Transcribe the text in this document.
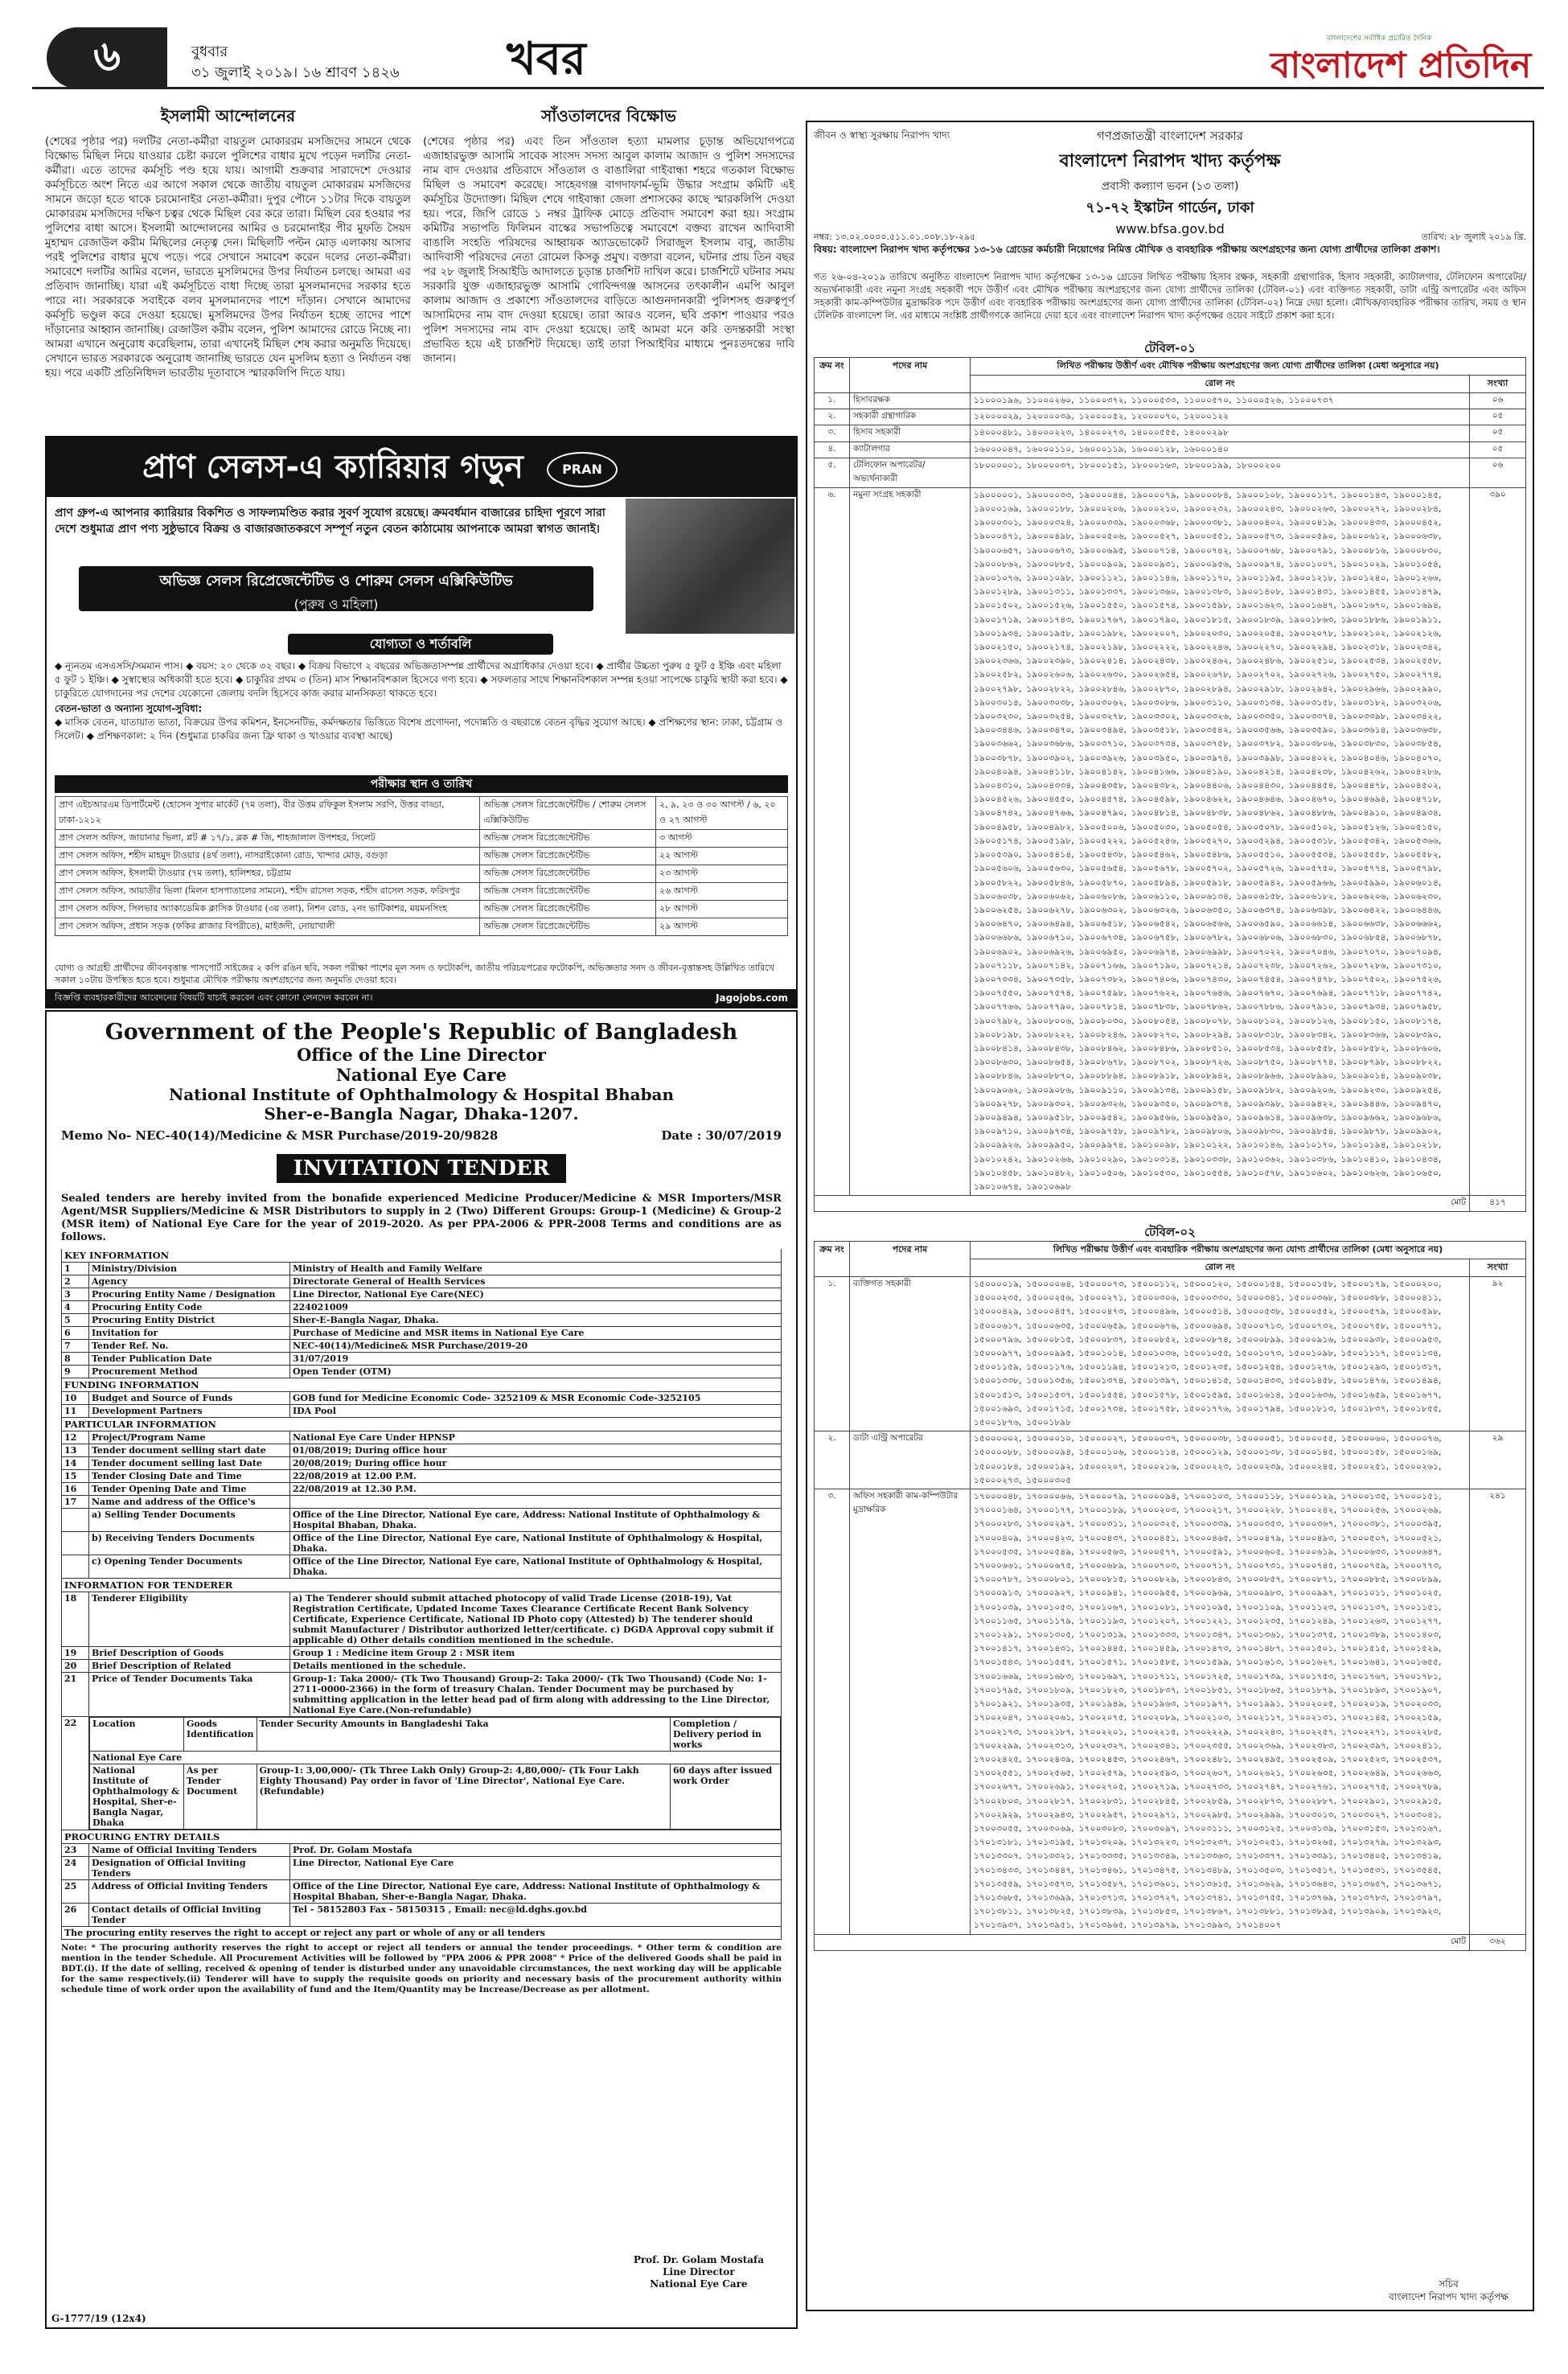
৬	বুধবার
৩১ জুলাই ২০১৯। ১৬ শ্রাবণ ১৪২৬ খবর	বাংলাদেশের সর্বাধিক প্রচারিত দৈনিক
বাংলাদেশ প্রতিদিন
ইসলামী আন্দোলনের

(শেষের পৃষ্ঠার পর) দলটির নেতা-কর্মীরা বায়তুল মোকাররম মসজিদের সামনে থেকে বিক্ষোভ মিছিল নিয়ে যাওয়ার চেষ্টা করলে পুলিশের বাধার মুখে পড়েন দলটির নেতা-কর্মীরা। এতে তাদের কর্মসূচি পণ্ড হয়ে যায়। আগামী শুক্রবার সারাদেশে দেওয়ার কর্মসূচিতে অংশ নিতে এর আগে সকাল থেকে জাতীয় বায়তুল মোকাররম মসজিদের সামনে জড়ো হতে থাকে চরমোনাইর নেতা-কর্মীরা। দুপুর পৌনে ১১টার দিকে বায়তুল মোকাররম মসজিদের দক্ষিণ চত্বর থেকে মিছিল বের করে তারা। মিছিল বের হওয়ার পর পুলিশের বাধা আসে। ইসলামী আন্দোলনের আমির ও চরমোনাইর পীর মুফতি সৈয়দ মুহাম্মদ রেজাউল করীম মিছিলের নেতৃত্ব দেন। মিছিলটি পল্টন মোড় এলাকায় আসার পরই পুলিশের বাধার মুখে পড়ে। পরে সেখানে সমাবেশ করেন দলের নেতা-কর্মীরা। সমাবেশে দলটির আমির বলেন, ভারতে মুসলিমদের উপর নির্যাতন চলছে। আমরা এর প্রতিবাদ জানাচ্ছি। যারা এই কর্মসূচিতে বাধা দিচ্ছে তারা মুসলমানদের সরকার হতে পারে না। সরকারকে সবাইকে বলব মুসলমানদের পাশে দাঁড়ান। সেখানে আমাদের কর্মসূচি ভণ্ডুল করে দেওয়া হয়েছে। মুসলিমদের উপর নির্যাতন হচ্ছে তাদের পাশে দাঁড়ানোর আহ্বান জানাচ্ছি। রেজাউল করীম বলেন, পুলিশ আমাদের রোডে নিচ্ছে না। আমরা এখানে অনুরোধ করেছিলাম, তারা এখানেই মিছিল শেষ করার অনুমতি দিয়েছে। সেখানে ভারত সরকারকে অনুরোধ জানাচ্ছি ভারতে যেন মুসলিম হত্যা ও নির্যাতন বন্ধ হয়। পরে একটি প্রতিনিধিদল ভারতীয় দূতাবাসে স্মারকলিপি দিতে যায়।

সাঁওতালদের বিক্ষোভ

(শেষের পৃষ্ঠার পর) এবং তিন সাঁওতাল হত্যা মামলার চূড়ান্ত অভিযোগপত্রে এজাহারভুক্ত আসামি সাবেক সাংসদ সদস্য আবুল কালাম আজাদ ও পুলিশ সদস্যদের নাম বাদ দেওয়ার প্রতিবাদে সাঁওতাল ও বাঙালিরা গাইবান্ধা শহরে গতকাল বিক্ষোভ মিছিল ও সমাবেশ করেছে। সাহেবগঞ্জ বাগদাফার্ম-ভূমি উদ্ধার সংগ্রাম কমিটি এই কর্মসূচির উদ্যোক্তা। মিছিল শেষে গাইবান্ধা জেলা প্রশাসকের কাছে স্মারকলিপি দেওয়া হয়। পরে, জিপি রোডে ১ নম্বর ট্রাফিক মোড়ে প্রতিবাদ সমাবেশ করা হয়। সংগ্রাম কমিটির সভাপতি ফিলিমন বাস্কের সভাপতিত্বে সমাবেশে বক্তব্য রাখেন আদিবাসী বাঙালি সংহতি পরিষদের আহ্বায়ক অ্যাডভোকেট সিরাজুল ইসলাম বাবু, জাতীয় আদিবাসী পরিষদের নেতা রোমেল কিসকু প্রমুখ। বক্তারা বলেন, ঘটনার প্রায় তিন বছর পর ২৮ জুলাই সিআইডি আদালতে চূড়ান্ত চার্জশিট দাখিল করে। চার্জশিটে ঘটনার সময় সরকারি যুক্ত এজাহারভুক্ত আসামি গোবিন্দগঞ্জ আসনের তৎকালীন এমপি আবুল কালাম আজাদ ও প্রকাশ্যে সাঁওতালদের বাড়িতে আগুনদানকারী পুলিশসহ গুরুত্বপূর্ণ আসামিদের নাম বাদ দেওয়া হয়েছে। তারা আরও বলেন, ছবি প্রকাশ পাওয়ার পরও পুলিশ সদস্যদের নাম বাদ দেওয়া হয়েছে। তাই আমরা মনে করি তদন্তকারী সংস্থা প্রভাবিত হয়ে এই চার্জশিট দিয়েছে। তাই তারা পিআইবির মাধ্যমে পুনঃতদন্তের দাবি জানান।

প্রাণ সেলস-এ ক্যারিয়ার গড়ুন	PRAN
প্রাণ গ্রুপ-এ আপনার ক্যারিয়ার বিকশিত ও সাফল্যমণ্ডিত করার সুবর্ণ সুযোগ রয়েছে। ক্রমবর্ধমান বাজারের চাহিদা পূরণে সারা দেশে শুধুমাত্র প্রাণ পণ্য সুষ্ঠুভাবে বিক্রয় ও বাজারজাতকরণে সম্পূর্ণ নতুন বেতন কাঠামোয় আপনাকে আমরা স্বাগত জানাই।
অভিজ্ঞ সেলস রিপ্রেজেন্টেটিভ ও শোরুম সেলস এক্সিকিউটিভ
(পুরুষ ও মহিলা)
যোগ্যতা ও শর্তাবলি
◆ ন্যূনতম এসএসসি/সমমান পাস। ◆ বয়স: ২০ থেকে ৩২ বছর। ◆ বিক্রয় বিভাগে ২ বছরের অভিজ্ঞতাসম্পন্ন প্রার্থীদের অগ্রাধিকার দেওয়া হবে। ◆ প্রার্থীর উচ্চতা পুরুষ ৫ ফুট ৫ ইঞ্চি এবং মহিলা ৫ ফুট ১ ইঞ্চি। ◆ সুস্বাস্থ্যের অধিকারী হতে হবে। ◆ চাকুরির প্রথম ৩ (তিন) মাস শিক্ষানবিশকাল হিসেবে গণ্য হবে। ◆ সফলতার সাথে শিক্ষানবিশকাল সম্পন্ন হওয়া সাপেক্ষে চাকুরি স্থায়ী করা হবে। ◆ চাকুরিতে যোগদানের পর দেশের যেকোনো জেলায় বদলি হিসেবে কাজ করার মানসিকতা থাকতে হবে।
বেতন-ভাতা ও অন্যান্য সুযোগ-সুবিধা:
◆ মাসিক বেতন, যাতায়াত ভাতা, বিক্রয়ের উপর কমিশন, ইনসেনটিভ, কর্মদক্ষতার ভিত্তিতে বিশেষ প্রণোদনা, পদোন্নতি ও বছরান্তে বেতন বৃদ্ধির সুযোগ আছে। ◆ প্রশিক্ষণের স্থান: ঢাকা, চট্টগ্রাম ও সিলেট। ◆ প্রশিক্ষণকাল: ২ দিন (শুধুমাত্র চাকরির জন্য ফ্রি থাকা ও খাওয়ার ব্যবস্থা আছে)
পরীক্ষার স্থান ও তারিখ
প্রাণ এইচআরএম ডিপার্টমেন্ট (হোসেন সুপার মার্কেট (৭ম তলা), বীর উত্তম রফিকুল ইসলাম সরণি, উত্তর বাড্ডা, ঢাকা-১২১২	অভিজ্ঞ সেলস রিপ্রেজেন্টেটিভ / শোরুম সেলস এক্সিকিউটিভ	২, ৯, ২৩ ও ৩০ আগস্ট / ৬, ২০ ও ২৭ আগস্ট
প্রাণ সেলস অফিস, জায়ানার ভিলা, প্লট # ১৭/১, ব্লক # জি, শাহজালাল উপশহর, সিলেট	অভিজ্ঞ সেলস রিপ্রেজেন্টেটিভ	৩ আগস্ট
প্রাণ সেলস অফিস, শহীদ মাহমুদ টাওয়ার (৪র্থ তলা), নাসরাইকোনা রোড, খান্দার মোড়, বগুড়া	অভিজ্ঞ সেলস রিপ্রেজেন্টেটিভ	২২ আগস্ট
প্রাণ সেলস অফিস, ইসলামী টাওয়ার (৭ম তলা), হালিশহর, চট্টগ্রাম	অভিজ্ঞ সেলস রিপ্রেজেন্টেটিভ	২৩ আগস্ট
প্রাণ সেলস অফিস, আয়াতীর ভিলা (মিলন হাসপাতালের সামনে), শহীদ রাসেল সড়ক, শহীদ রাসেল সড়ক, ফরিদপুর	অভিজ্ঞ সেলস রিপ্রেজেন্টেটিভ	২৬ আগস্ট
প্রাণ সেলস অফিস, সিলভার অ্যাকাডেমিক ক্লাসিক টাওয়ার (৩য় তলা), নিশন রোড, ২নং ভাটিকাশর, ময়মনসিংহ	অভিজ্ঞ সেলস রিপ্রেজেন্টেটিভ	২৮ আগস্ট
প্রাণ সেলস অফিস, প্রধান সড়ক (ফকির প্লাজার বিপরীতে), মাইজদী, নোয়াখালী	অভিজ্ঞ সেলস রিপ্রেজেন্টেটিভ	২৯ আগস্ট
যোগ্য ও আগ্রহী প্রার্থীদের জীবনবৃত্তান্ত পাসপোর্ট সাইজের ২ কপি রঙিন ছবি, সকল পরীক্ষা পাশের মূল সনদ ও ফটোকপি, জাতীয় পরিচয়পত্রের ফটোকপি, অভিজ্ঞতার সনদ ও জীবন-বৃত্তান্তসহ উল্লিখিত তারিখে সকাল ১০টায় উপস্থিত হতে হবে। শুধুমাত্র মৌখিক পরীক্ষায় অংশগ্রহণের জন্য অনুমতি দেওয়া হবে।
বিজ্ঞপ্তি ব্যবহারকারীদের আবেদনের বিষয়টি যাচাই করবেন এবং কোনো লেনদেন করবেন না।	Jagojobs.com
Government of the People's Republic of Bangladesh
Office of the Line Director
National Eye Care
National Institute of Ophthalmology & Hospital Bhaban
Sher-e-Bangla Nagar, Dhaka-1207.
Memo No- NEC-40(14)/Medicine & MSR Purchase/2019-20/9828	Date : 30/07/2019
INVITATION TENDER
Sealed tenders are hereby invited from the bonafide experienced Medicine Producer/Medicine & MSR Importers/MSR Agent/MSR Suppliers/Medicine & MSR Distributors to supply in 2 (Two) Different Groups: Group-1 (Medicine) & Group-2 (MSR item) of National Eye Care for the year of 2019-2020. As per PPA-2006 & PPR-2008 Terms and conditions are as follows.
KEY INFORMATION
1	Ministry/Division	Ministry of Health and Family Welfare
2	Agency	Directorate General of Health Services
3	Procuring Entity Name / Designation	Line Director, National Eye Care(NEC)
4	Procuring Entity Code	224021009
5	Procuring Entity District	Sher-E-Bangla Nagar, Dhaka.
6	Invitation for	Purchase of Medicine and MSR items in National Eye Care
7	Tender Ref. No.	NEC-40(14)/Medicine& MSR Purchase/2019-20
8	Tender Publication Date	31/07/2019
9	Procurement Method	Open Tender (OTM)
FUNDING INFORMATION
10	Budget and Source of Funds	GOB fund for Medicine Economic Code- 3252109 & MSR Economic Code-3252105
11	Development Partners	IDA Pool
PARTICULAR INFORMATION
12	Project/Program Name	National Eye Care Under HPNSP
13	Tender document selling start date	01/08/2019; During office hour
14	Tender document selling last Date	20/08/2019; During office hour
15	Tender Closing Date and Time	22/08/2019 at 12.00 P.M.
16	Tender Opening Date and Time	22/08/2019 at 12.30 P.M.
17	Name and address of the Office's	
	a) Selling Tender Documents	Office of the Line Director, National Eye care, Address: National Institute of Ophthalmology & Hospital Bhaban, Dhaka.
	b) Receiving Tenders Documents	Office of the Line Director, National Eye care, National Institute of Ophthalmology & Hospital, Dhaka.
	c) Opening Tender Documents	Office of the Line Director, National Eye care, National Institute of Ophthalmology & Hospital, Dhaka.
INFORMATION FOR TENDERER
18	Tenderer Eligibility	a) The Tenderer should submit attached photocopy of valid Trade License (2018-19), Vat Registration Certificate, Updated Income Taxes Clearance Certificate Recent Bank Solvency Certificate, Experience Certificate, National ID Photo copy (Attested) b) The tenderer should submit Manufacturer / Distributor authorized letter/certificate. c) DGDA Approval copy submit if applicable d) Other details condition mentioned in the schedule.
19	Brief Description of Goods	Group 1 : Medicine item Group 2 : MSR item
20	Brief Description of Related	Details mentioned in the schedule.
21	Price of Tender Documents Taka	Group-1: Taka 2000/- (Tk Two Thousand) Group-2: Taka 2000/- (Tk Two Thousand) (Code No: 1-2711-0000-2366) in the form of treasury Chalan. Tender Document may be purchased by submitting application in the letter head pad of firm along with addressing to the Line Director, National Eye Care.(Non-refundable)
22	Location	Goods Identification	Tender Security Amounts in Bangladeshi Taka	Completion / Delivery period in works
National Eye Care
National Institute of Ophthalmology & Hospital, Sher-e-Bangla Nagar, Dhaka	As per Tender Document	Group-1: 3,00,000/- (Tk Three Lakh Only) Group-2: 4,80,000/- (Tk Four Lakh Eighty Thousand) Pay order in favor of 'Line Director', National Eye Care. (Refundable)	60 days after issued work Order

PROCURING ENTRY DETAILS
23	Name of Official Inviting Tenders	Prof. Dr. Golam Mostafa
24	Designation of Official Inviting Tenders	Line Director, National Eye Care
25	Address of Official Inviting Tenders	Office of the Line Director, National Eye care, Address: National Institute of Ophthalmology & Hospital Bhaban, Sher-e-Bangla Nagar, Dhaka.
26	Contact details of Official Inviting Tender	Tel - 58152803 Fax - 58150315 , Email: nec@ld.dghs.gov.bd
The procuring entity reserves the right to accept or reject any part or whole of any or all tenders
Note: * The procuring authority reserves the right to accept or reject all tenders or annual the tender proceedings. * Other term & condition are mention in the tender Schedule. All Procurement Activities will be followed by "PPA 2006 & PPR 2008" * Price of the delivered Goods shall be paid in BDT.(i). If the date of selling, received & opening of tender is disturbed under any unavoidable circumstances, the next working day will be applicable for the same respectively.(ii) Tenderer will have to supply the requisite goods on priority and necessary basis of the procurement authority within schedule time of work order upon the availability of fund and the Item/Quantity may be Increase/Decrease as per allotment.
Prof. Dr. Golam Mostafa
Line Director
National Eye Care
G-1777/19 (12x4)
জীবন ও স্বাস্থ্য সুরক্ষায় নিরাপদ খাদ্য	গণপ্রজাতন্ত্রী বাংলাদেশ সরকার
বাংলাদেশ নিরাপদ খাদ্য কর্তৃপক্ষ
প্রবাসী কল্যাণ ভবন (১৩ তলা)
৭১-৭২ ইস্কাটন গার্ডেন, ঢাকা
www.bfsa.gov.bd
নম্বর: ১৩.০২.০০০০.৫১১.০১.০০৮.১৮-২৯৫	তারিখ: ২৮ জুলাই ২০১৯ খ্রি.
বিষয়: বাংলাদেশ নিরাপদ খাদ্য কর্তৃপক্ষের ১৩-১৬ গ্রেডের কর্মচারী নিয়োগের নিমিত্ত মৌখিক ও ব্যবহারিক পরীক্ষায় অংশগ্রহণের জন্য যোগ্য প্রার্থীদের তালিকা প্রকাশ।
গত ২৬-০৪-২০১৯ তারিখে অনুষ্ঠিত বাংলাদেশ নিরাপদ খাদ্য কর্তৃপক্ষের ১৩-১৬ গ্রেডের লিখিত পরীক্ষায় হিসাব রক্ষক, সহকারী গ্রন্থাগারিক, হিসাব সহকারী, ক্যাটালগার, টেলিফোন অপারেটর/অভ্যর্থনাকারী এবং নমুনা সংগ্রহ সহকারী পদে উত্তীর্ণ এবং মৌখিক পরীক্ষায় অংশগ্রহণের জন্য যোগ্য প্রার্থীদের তালিকা (টেবিল-০১) এবং ব্যক্তিগত সহকারী, ডাটা এন্ট্রি অপারেটর এবং অফিস সহকারী কাম-কম্পিউটার মুদ্রাক্ষরিক পদে উত্তীর্ণ এবং ব্যবহারিক পরীক্ষায় অংশগ্রহণের জন্য যোগ্য প্রার্থীদের তালিকা (টেবিল-০২) নিম্নে দেয়া হলো। মৌখিক/ব্যবহারিক পরীক্ষার তারিখ, সময় ও স্থান টেলিটক বাংলাদেশ লি. এর মাধ্যমে সংশ্লিষ্ট প্রার্থীগণকে জানিয়ে দেয়া হবে এবং বাংলাদেশ নিরাপদ খাদ্য কর্তৃপক্ষের ওয়েব সাইটে প্রকাশ করা হবে।
টেবিল-০১
ক্রম নং	পদের নাম	লিখিত পরীক্ষায় উত্তীর্ণ এবং মৌখিক পরীক্ষায় অংশগ্রহণের জন্য যোগ্য প্রার্থীদের তালিকা (মেধা অনুসারে নয়)	
		রোল নং	সংখ্যা
১.	হিসাবরক্ষক	১১০০০১৯৬, ১১০০০২৬০, ১১০০০৩৭২, ১১০০০৫৩৩, ১১০০০৫৭০, ১১০০০৫২৬, ১১০০০৭৩৭	০৬
২.	সহকারী গ্রন্থাগারিক	১২০০০০২৯, ১২০০০০৩৯, ১২০০০০৫২, ১২০০০০৭০, ১২০০০১২২	০৫
৩.	হিসাব সহকারী	১৪০০০৪৮১, ১৪০০০২২৩, ১৪০০০২৭৩, ১৪০০০৫৫৫, ১৪০০০২৯৮	০৫
৪.	ক্যাটালগার	১৬০০০০৪৭, ১৬০০০১১০, ১৬০০০১১৯, ১৬০০০১২৮, ১৬০০০১৪০	০৫
৫.	টেলিফোন অপারেটর/অভ্যর্থনাকারী	১৮০০০০০১, ১৮০০০০৩৭, ১৮০০০১৫১, ১৮০০০১৬৩, ১৮০০০১৯৯, ১৮০০০২০০	০৬
৬.	নমুনা সংগ্রহ সহকারী	১৯০০০০০১, ১৯০০০০৩৩, ১৯০০০০৪৪, ১৯০০০০৭৯, ১৯০০০০৮৪, ১৯০০০১০৮, ১৯০০০১১৭, ১৯০০০১৪৩, ১৯০০০১৪৫, ১৯০০০১৬৯, ১৯০০০১৮৮, ১৯০০০২০৬, ১৯০০০২১০, ১৯০০০২৩২, ১৯০০০২৪৩, ১৯০০০২৬৩, ১৯০০০২৭২, ১৯০০০২৮৪, ১৯০০০৩০১, ১৯০০০৩২৪, ১৯০০০৩৩৯, ১৯০০০৩৬৮, ১৯০০০৩৮১, ১৯০০০৪০২, ১৯০০০৪১৯, ১৯০০০৪৩৩, ১৯০০০৪৫২, ১৯০০০৪৭১, ১৯০০০৪৯৮, ১৯০০০৫০৬, ১৯০০০৫২৭, ১৯০০০৫৫১, ১৯০০০৫৭৩, ১৯০০০৫৯০, ১৯০০০৬১২, ১৯০০০৬৩৮, ১৯০০০৬৫৭, ১৯০০০৬৭৩, ১৯০০০৬৯৫, ১৯০০০৭১৪, ১৯০০০৭৪২, ১৯০০০৭৬৮, ১৯০০০৭৯১, ১৯০০০৮১৬, ১৯০০০৮৩০, ১৯০০০৮৬২, ১৯০০০৮৮৫, ১৯০০০৯০৯, ১৯০০০৯৩১, ১৯০০০৯৫৬, ১৯০০০৯৭৪, ১৯০০১০০৭, ১৯০০১০২৯, ১৯০০১০৫৪, ১৯০০১০৭৬, ১৯০০১০৯৮, ১৯০০১১২১, ১৯০০১১৪৬, ১৯০০১১৭০, ১৯০০১১৯৫, ১৯০০১২১৮, ১৯০০১২৪০, ১৯০০১২৬৬, ১৯০০১২৮৯, ১৯০০১৩১১, ১৯০০১৩৩৭, ১৯০০১৩৬০, ১৯০০১৩৮৩, ১৯০০১৪০৮, ১৯০০১৪৩১, ১৯০০১৪৫৫, ১৯০০১৪৭৯, ১৯০০১৫০২, ১৯০০১৫২৬, ১৯০০১৫৫০, ১৯০০১৫৭৪, ১৯০০১৫৯৮, ১৯০০১৬২৩, ১৯০০১৬৪৭, ১৯০০১৬৭০, ১৯০০১৬৯৪, ১৯০০১৭১৯, ১৯০০১৭৪৩, ১৯০০১৭৬৭, ১৯০০১৭৯০, ১৯০০১৮১৫, ১৯০০১৮৩৯, ১৯০০১৮৬৩, ১৯০০১৮৮৬, ১৯০০১৯১১, ১৯০০১৯৩৪, ১৯০০১৯৫৮, ১৯০০১৯৮২, ১৯০০২০০৭, ১৯০০২০৩০, ১৯০০২০৫৪, ১৯০০২০৭৮, ১৯০০২১০২, ১৯০০২১২৬, ১৯০০২১৫০, ১৯০০২১৭৪, ১৯০০২১৯৮, ১৯০০২২২২, ১৯০০২২৪৬, ১৯০০২২৭০, ১৯০০২২৯৪, ১৯০০২৩১৮, ১৯০০২৩৪২, ১৯০০২৩৬৬, ১৯০০২৩৯০, ১৯০০২৪১৪, ১৯০০২৪৩৮, ১৯০০২৪৬২, ১৯০০২৪৮৬, ১৯০০২৫১০, ১৯০০২৫৩৪, ১৯০০২৫৫৮, ১৯০০২৫৮২, ১৯০০২৬০৬, ১৯০০২৬৩০, ১৯০০২৬৫৪, ১৯০০২৬৭৮, ১৯০০২৭০২, ১৯০০২৭২৬, ১৯০০২৭৫০, ১৯০০২৭৭৪, ১৯০০২৭৯৮, ১৯০০২৮২২, ১৯০০২৮৪৬, ১৯০০২৮৭০, ১৯০০২৮৯৪, ১৯০০২৯১৮, ১৯০০২৯৪২, ১৯০০২৯৬৬, ১৯০০২৯৯০, ১৯০০৩০১৪, ১৯০০৩০৩৮, ১৯০০৩০৬২, ১৯০০৩০৮৬, ১৯০০৩১১০, ১৯০০৩১৩৪, ১৯০০৩১৫৮, ১৯০০৩১৮২, ১৯০০৩২০৬, ১৯০০৩২৩০, ১৯০০৩২৫৪, ১৯০০৩২৭৮, ১৯০০৩৩০২, ১৯০০৩৩২৬, ১৯০০৩৩৫০, ১৯০০৩৩৭৪, ১৯০০৩৩৯৮, ১৯০০৩৪২২, ১৯০০৩৪৪৬, ১৯০০৩৪৭০, ১৯০০৩৪৯৪, ১৯০০৩৫১৮, ১৯০০৩৫৪২, ১৯০০৩৫৬৬, ১৯০০৩৫৯০, ১৯০০৩৬১৪, ১৯০০৩৬৩৮, ১৯০০৩৬৬২, ১৯০০৩৬৮৬, ১৯০০৩৭১০, ১৯০০৩৭৩৪, ১৯০০৩৭৫৮, ১৯০০৩৭৮২, ১৯০০৩৮০৬, ১৯০০৩৮৩০, ১৯০০৩৮৫৪, ১৯০০৩৮৭৮, ১৯০০৩৯০২, ১৯০০৩৯২৬, ১৯০০৩৯৫০, ১৯০০৩৯৭৪, ১৯০০৩৯৯৮, ১৯০০৪০২২, ১৯০০৪০৪৬, ১৯০০৪০৭০, ১৯০০৪০৯৪, ১৯০০৪১১৮, ১৯০০৪১৪২, ১৯০০৪১৬৬, ১৯০০৪১৯০, ১৯০০৪২১৪, ১৯০০৪২৩৮, ১৯০০৪২৬২, ১৯০০৪২৮৬, ১৯০০৪৩১০, ১৯০০৪৩৩৪, ১৯০০৪৩৫৮, ১৯০০৪৩৮২, ১৯০০৪৪০৬, ১৯০০৪৪৩০, ১৯০০৪৪৫৪, ১৯০০৪৪৭৮, ১৯০০৪৫০২, ১৯০০৪৫২৬, ১৯০০৪৫৫০, ১৯০০৪৫৭৪, ১৯০০৪৫৯৮, ১৯০০৪৬২২, ১৯০০৪৬৪৬, ১৯০০৪৬৭০, ১৯০০৪৬৯৪, ১৯০০৪৭১৮, ১৯০০৪৭৪২, ১৯০০৪৭৬৬, ১৯০০৪৭৯০, ১৯০০৪৮১৪, ১৯০০৪৮৩৮, ১৯০০৪৮৬২, ১৯০০৪৮৮৬, ১৯০০৪৯১০, ১৯০০৪৯৩৪, ১৯০০৪৯৫৮, ১৯০০৪৯৮২, ১৯০০৫০০৬, ১৯০০৫০৩০, ১৯০০৫০৫৪, ১৯০০৫০৭৮, ১৯০০৫১০২, ১৯০০৫১২৬, ১৯০০৫১৫০, ১৯০০৫১৭৪, ১৯০০৫১৯৮, ১৯০০৫২২২, ১৯০০৫২৪৬, ১৯০০৫২৭০, ১৯০০৫২৯৪, ১৯০০৫৩১৮, ১৯০০৫৩৪২, ১৯০০৫৩৬৬, ১৯০০৫৩৯০, ১৯০০৫৪১৪, ১৯০০৫৪৩৮, ১৯০০৫৪৬২, ১৯০০৫৪৮৬, ১৯০০৫৫১০, ১৯০০৫৫৩৪, ১৯০০৫৫৫৮, ১৯০০৫৫৮২, ১৯০০৫৬০৬, ১৯০০৫৬৩০, ১৯০০৫৬৫৪, ১৯০০৫৬৭৮, ১৯০০৫৭০২, ১৯০০৫৭২৬, ১৯০০৫৭৫০, ১৯০০৫৭৭৪, ১৯০০৫৭৯৮, ১৯০০৫৮২২, ১৯০০৫৮৪৬, ১৯০০৫৮৭০, ১৯০০৫৮৯৪, ১৯০০৫৯১৮, ১৯০০৫৯৪২, ১৯০০৫৯৬৬, ১৯০০৫৯৯০, ১৯০০৬০১৪, ১৯০০৬০৩৮, ১৯০০৬০৬২, ১৯০০৬০৮৬, ১৯০০৬১১০, ১৯০০৬১৩৪, ১৯০০৬১৫৮, ১৯০০৬১৮২, ১৯০০৬২০৬, ১৯০০৬২৩০, ১৯০০৬২৫৪, ১৯০০৬২৭৮, ১৯০০৬৩০২, ১৯০০৬৩২৬, ১৯০০৬৩৫০, ১৯০০৬৩৭৪, ১৯০০৬৩৯৮, ১৯০০৬৪২২, ১৯০০৬৪৪৬, ১৯০০৬৪৭০, ১৯০০৬৪৯৪, ১৯০০৬৫১৮, ১৯০০৬৫৪২, ১৯০০৬৫৬৬, ১৯০০৬৫৯০, ১৯০০৬৬১৪, ১৯০০৬৬৩৮, ১৯০০৬৬৬২, ১৯০০৬৬৮৬, ১৯০০৬৭১০, ১৯০০৬৭৩৪, ১৯০০৬৭৫৮, ১৯০০৬৭৮২, ১৯০০৬৮০৬, ১৯০০৬৮৩০, ১৯০০৬৮৫৪, ১৯০০৬৮৭৮, ১৯০০৬৯০২, ১৯০০৬৯২৬, ১৯০০৬৯৫০, ১৯০০৬৯৭৪, ১৯০০৬৯৯৮, ১৯০০৭০২২, ১৯০০৭০৪৬, ১৯০০৭০৭০, ১৯০০৭০৯৪, ১৯০০৭১১৮, ১৯০০৭১৪২, ১৯০০৭১৬৬, ১৯০০৭১৯০, ১৯০০৭২১৪, ১৯০০৭২৩৮, ১৯০০৭২৬২, ১৯০০৭২৮৬, ১৯০০৭৩১০, ১৯০০৭৩৩৪, ১৯০০৭৩৫৮, ১৯০০৭৩৮২, ১৯০০৭৪০৬, ১৯০০৭৪৩০, ১৯০০৭৪৫৪, ১৯০০৭৪৭৮, ১৯০০৭৫০২, ১৯০০৭৫২৬, ১৯০০৭৫৫০, ১৯০০৭৫৭৪, ১৯০০৭৫৯৮, ১৯০০৭৬২২, ১৯০০৭৬৪৬, ১৯০০৭৬৭০, ১৯০০৭৬৯৪, ১৯০০৭৭১৮, ১৯০০৭৭৪২, ১৯০০৭৭৬৬, ১৯০০৭৭৯০, ১৯০০৭৮১৪, ১৯০০৭৮৩৮, ১৯০০৭৮৬২, ১৯০০৭৮৮৬, ১৯০০৭৯১০, ১৯০০৭৯৩৪, ১৯০০৭৯৫৮, ১৯০০৭৯৮২, ১৯০০৮০০৬, ১৯০০৮০৩০, ১৯০০৮০৫৪, ১৯০০৮০৭৮, ১৯০০৮১০২, ১৯০০৮১২৬, ১৯০০৮১৫০, ১৯০০৮১৭৪, ১৯০০৮১৯৮, ১৯০০৮২২২, ১৯০০৮২৪৬, ১৯০০৮২৭০, ১৯০০৮২৯৪, ১৯০০৮৩১৮, ১৯০০৮৩৪২, ১৯০০৮৩৬৬, ১৯০০৮৩৯০, ১৯০০৮৪১৪, ১৯০০৮৪৩৮, ১৯০০৮৪৬২, ১৯০০৮৪৮৬, ১৯০০৮৫১০, ১৯০০৮৫৩৪, ১৯০০৮৫৫৮, ১৯০০৮৫৮২, ১৯০০৮৬০৬, ১৯০০৮৬৩০, ১৯০০৮৬৫৪, ১৯০০৮৬৭৮, ১৯০০৮৭০২, ১৯০০৮৭২৬, ১৯০০৮৭৫০, ১৯০০৮৭৭৪, ১৯০০৮৭৯৮, ১৯০০৮৮২২, ১৯০০৮৮৪৬, ১৯০০৮৮৭০, ১৯০০৮৮৯৪, ১৯০০৮৯১৮, ১৯০০৮৯৪২, ১৯০০৮৯৬৬, ১৯০০৮৯৯০, ১৯০০৯০১৪, ১৯০০৯০৩৮, ১৯০০৯০৬২, ১৯০০৯০৮৬, ১৯০০৯১১০, ১৯০০৯১৩৪, ১৯০০৯১৫৮, ১৯০০৯১৮২, ১৯০০৯২০৬, ১৯০০৯২৩০, ১৯০০৯২৫৪, ১৯০০৯২৭৮, ১৯০০৯৩০২, ১৯০০৯৩২৬, ১৯০০৯৩৫০, ১৯০০৯৩৭৪, ১৯০০৯৩৯৮, ১৯০০৯৪২২, ১৯০০৯৪৪৬, ১৯০০৯৪৭০, ১৯০০৯৪৯৪, ১৯০০৯৫১৮, ১৯০০৯৫৪২, ১৯০০৯৫৬৬, ১৯০০৯৫৯০, ১৯০০৯৬১৪, ১৯০০৯৬৩৮, ১৯০০৯৬৬২, ১৯০০৯৬৮৬, ১৯০০৯৭১০, ১৯০০৯৭৩৪, ১৯০০৯৭৫৮, ১৯০০৯৭৮২, ১৯০০৯৮০৬, ১৯০০৯৮৩০, ১৯০০৯৮৫৪, ১৯০০৯৮৭৮, ১৯০০৯৯০২, ১৯০০৯৯২৬, ১৯০০৯৯৫০, ১৯০০৯৯৭৪, ১৯০১০০৯৮, ১৯০১০১২২, ১৯০১০১৪৬, ১৯০১০১৭০, ১৯০১০১৯৪, ১৯০১০২১৮, ১৯০১০২৪২, ১৯০১০২৬৬, ১৯০১০২৯০, ১৯০১০৩১৪, ১৯০১০৩৩৮, ১৯০১০৩৬২, ১৯০১০৩৮৬, ১৯০১০৪১০, ১৯০১০৪৩৪, ১৯০১০৪৫৮, ১৯০১০৪৮২, ১৯০১০৫০৬, ১৯০১০৫৩০, ১৯০১০৫৫৪, ১৯০১০৫৭৮, ১৯০১০৬০২, ১৯০১০৬২৬, ১৯০১০৬৫০, ১৯০১০৬৭৪, ১৯০১০৬৯৮	৩৯০
মোট			৪১৭
টেবিল-০২
ক্রম নং	পদের নাম	লিখিত পরীক্ষায় উত্তীর্ণ এবং ব্যবহারিক পরীক্ষায় অংশগ্রহণের জন্য যোগ্য প্রার্থীদের তালিকা (মেধা অনুসারে নয়)	
		রোল নং	সংখ্যা
১.	ব্যক্তিগত সহকারী	১৫০০০০১৯, ১৫০০০০৬৪, ১৫০০০০৭৩, ১৫০০০১১২, ১৫০০০১২০, ১৫০০০১৫৪, ১৫০০০১৫৮, ১৫০০০১৭৯, ১৫০০০২০০, ১৫০০০২৩৫, ১৫০০০২৫৬, ১৫০০০২৭১, ১৫০০০৩০৬, ১৫০০০৩৩০, ১৫০০০৩৪১, ১৫০০০৩৬৮, ১৫০০০৩৮৮, ১৫০০০৪১১, ১৫০০০৪২৯, ১৫০০০৪৫৭, ১৫০০০৪৭৩, ১৫০০০৪৯৬, ১৫০০০৫১৪, ১৫০০০৫৩৮, ১৫০০০৫৫২, ১৫০০০৫৭৯, ১৫০০০৫৯৮, ১৫০০০৬১৭, ১৫০০০৬৩৫, ১৫০০০৬৫৯, ১৫০০০৬৭৬, ১৫০০০৬৯৪, ১৫০০০৭১৩, ১৫০০০৭৩২, ১৫০০০৭৫৮, ১৫০০০৭৭১, ১৫০০০৭৯৬, ১৫০০০৮১৫, ১৫০০০৮৩৭, ১৫০০০৮৫২, ১৫০০০৮৭৪, ১৫০০০৮৯৯, ১৫০০০৯১৬, ১৫০০০৯৩৮, ১৫০০০৯৫৩, ১৫০০০৯৭৭, ১৫০০০৯৯৫, ১৫০০১০১৪, ১৫০০১০৩৬, ১৫০০১০৫৫, ১৫০০১০৭৩, ১৫০০১০৯৮, ১৫০০১১১৭, ১৫০০১১৩৪, ১৫০০১১৫৯, ১৫০০১১৭৬, ১৫০০১১৯৪, ১৫০০১২১৩, ১৫০০১২৩৫, ১৫০০১২৫৪, ১৫০০১২৭৬, ১৫০০১২৯৩, ১৫০০১৩১৭, ১৫০০১৩৩৮, ১৫০০১৩৫৬, ১৫০০১৩৭৪, ১৫০০১৩৯৭, ১৫০০১৪১৫, ১৫০০১৪৩৩, ১৫০০১৪৫৮, ১৫০০১৪৭৬, ১৫০০১৪৯৪, ১৫০০১৫১৩, ১৫০০১৫৩৭, ১৫০০১৫৫৪, ১৫০০১৫৭৮, ১৫০০১৫৯৫, ১৫০০১৬১৪, ১৫০০১৬৩৬, ১৫০০১৬৫৯, ১৫০০১৬৭৭, ১৫০০১৬৯৩, ১৫০০১৭১৫, ১৫০০১৭৩৪, ১৫০০১৭৫৮, ১৫০০১৭৭৬, ১৫০০১৭৯৪, ১৫০০১৮১৩, ১৫০০১৮৩৭, ১৫০০১৮৫৫, ১৫০০১৮৭৬, ১৫০০১৮৯৮	৯২
২.	ডাটা এন্ট্রি অপারেটর	১৫০০০০০২, ১৫০০০০১০, ১৫০০০০২৭, ১৫০০০০৩৭, ১৫০০০০৩৮, ১৫০০০০৫১, ১৫০০০০৫৫, ১৫০০০০৬০, ১৫০০০০৭৬, ১৫০০০০৮৮, ১৫০০০০৯৪, ১৫০০০১০৬, ১৫০০০১১৪, ১৫০০০১২৯, ১৫০০০১৩৮, ১৫০০০১৪৫, ১৫০০০১৫৮, ১৫০০০১৬৯, ১৫০০০১৮৪, ১৫০০০১৯২, ১৫০০০২০৭, ১৫০০০২১৬, ১৫০০০২২৩, ১৫০০০২৩৯, ১৫০০০২৪৫, ১৫০০০২৫১, ১৫০০০২৬১, ১৫০০০২৭৩, ১৫০০০৩০৫	২৯
৩.	অফিস সহকারী কাম-কম্পিউটার মুদ্রাক্ষরিক	১৭০০০০৪৮, ১৭০০০০৬৬, ১৭০০০০৭৯, ১৭০০০০৯৪, ১৭০০০১০৩, ১৭০০০১১৮, ১৭০০০১২৯, ১৭০০০১৩৫, ১৭০০০১৫১, ১৭০০০১৬৪, ১৭০০০১৭৭, ১৭০০০১৮৯, ১৭০০০২০৩, ১৭০০০২১৭, ১৭০০০২২৮, ১৭০০০২৪২, ১৭০০০২৫৬, ১৭০০০২৬৯, ১৭০০০২৮৩, ১৭০০০২৯৭, ১৭০০০৩১১, ১৭০০০৩২৫, ১৭০০০৩৩৯, ১৭০০০৩৫৩, ১৭০০০৩৬৭, ১৭০০০৩৮১, ১৭০০০৩৯৫, ১৭০০০৪০৯, ১৭০০০৪২৩, ১৭০০০৪৩৭, ১৭০০০৪৫১, ১৭০০০৪৬৫, ১৭০০০৪৭৯, ১৭০০০৪৯৩, ১৭০০০৫০৭, ১৭০০০৫২১, ১৭০০০৫৩৫, ১৭০০০৫৪৯, ১৭০০০৫৬৩, ১৭০০০৫৭৭, ১৭০০০৫৯১, ১৭০০০৬০৫, ১৭০০০৬১৯, ১৭০০০৬৩৩, ১৭০০০৬৪৭, ১৭০০০৬৬১, ১৭০০০৬৭৫, ১৭০০০৬৮৯, ১৭০০০৭০৩, ১৭০০০৭১৭, ১৭০০০৭৩১, ১৭০০০৭৪৫, ১৭০০০৭৫৯, ১৭০০০৭৭৩, ১৭০০০৭৮৭, ১৭০০০৮০১, ১৭০০০৮১৫, ১৭০০০৮২৯, ১৭০০০৮৪৩, ১৭০০০৮৫৭, ১৭০০০৮৭১, ১৭০০০৮৮৫, ১৭০০০৮৯৯, ১৭০০০৯১৩, ১৭০০০৯২৭, ১৭০০০৯৪১, ১৭০০০৯৫৫, ১৭০০০৯৬৯, ১৭০০০৯৮৩, ১৭০০০৯৯৭, ১৭০০১০১১, ১৭০০১০২৫, ১৭০০১০৩৯, ১৭০০১০৫৩, ১৭০০১০৬৭, ১৭০০১০৮১, ১৭০০১০৯৫, ১৭০০১১০৯, ১৭০০১১২৩, ১৭০০১১৩৭, ১৭০০১১৫১, ১৭০০১১৬৫, ১৭০০১১৭৯, ১৭০০১১৯৩, ১৭০০১২০৭, ১৭০০১২২১, ১৭০০১২৩৫, ১৭০০১২৪৯, ১৭০০১২৬৩, ১৭০০১২৭৭, ১৭০০১২৯১, ১৭০০১৩০৫, ১৭০০১৩১৯, ১৭০০১৩৩৩, ১৭০০১৩৪৭, ১৭০০১৩৬১, ১৭০০১৩৭৫, ১৭০০১৩৮৯, ১৭০০১৪০৩, ১৭০০১৪১৭, ১৭০০১৪৩১, ১৭০০১৪৪৫, ১৭০০১৪৫৯, ১৭০০১৪৭৩, ১৭০০১৪৮৭, ১৭০০১৫০১, ১৭০০১৫১৫, ১৭০০১৫২৯, ১৭০০১৫৪৩, ১৭০০১৫৫৭, ১৭০০১৫৭১, ১৭০০১৫৮৫, ১৭০০১৫৯৯, ১৭০০১৬১৩, ১৭০০১৬২৭, ১৭০০১৬৪১, ১৭০০১৬৫৫, ১৭০০১৬৬৯, ১৭০০১৬৮৩, ১৭০০১৬৯৭, ১৭০০১৭১১, ১৭০০১৭২৫, ১৭০০১৭৩৯, ১৭০০১৭৫৩, ১৭০০১৭৬৭, ১৭০০১৭৮১, ১৭০০১৭৯৫, ১৭০০১৮০৯, ১৭০০১৮২৩, ১৭০০১৮৩৭, ১৭০০১৮৫১, ১৭০০১৮৬৫, ১৭০০১৮৭৯, ১৭০০১৮৯৩, ১৭০০১৯০৭, ১৭০০১৯২১, ১৭০০১৯৩৫, ১৭০০১৯৪৯, ১৭০০১৯৬৩, ১৭০০১৯৭৭, ১৭০০১৯৯১, ১৭০০২০০৫, ১৭০০২০১৯, ১৭০০২০৩৩, ১৭০০২০৪৭, ১৭০০২০৬১, ১৭০০২০৭৫, ১৭০০২০৮৯, ১৭০০২১০৩, ১৭০০২১১৭, ১৭০০২১৩১, ১৭০০২১৪৫, ১৭০০২১৫৯, ১৭০০২১৭৩, ১৭০০২১৮৭, ১৭০০২২০১, ১৭০০২২১৫, ১৭০০২২২৯, ১৭০০২২৪৩, ১৭০০২২৫৭, ১৭০০২২৭১, ১৭০০২২৮৫, ১৭০০২২৯৯, ১৭০০২৩১৩, ১৭০০২৩২৭, ১৭০০২৩৪১, ১৭০০২৩৫৫, ১৭০০২৩৬৯, ১৭০০২৩৮৩, ১৭০০২৩৯৭, ১৭০০২৪১১, ১৭০০২৪২৫, ১৭০০২৪৩৯, ১৭০০২৪৫৩, ১৭০০২৪৬৭, ১৭০০২৪৮১, ১৭০০২৪৯৫, ১৭০০২৫০৯, ১৭০০২৫২৩, ১৭০০২৫৩৭, ১৭০০২৫৫১, ১৭০০২৫৬৫, ১৭০০২৫৭৯, ১৭০০২৫৯৩, ১৭০০২৬০৭, ১৭০০২৬২১, ১৭০০২৬৩৫, ১৭০০২৬৪৯, ১৭০০২৬৬৩, ১৭০০২৬৭৭, ১৭০০২৬৯১, ১৭০০২৭০৫, ১৭০০২৭১৯, ১৭০০২৭৩৩, ১৭০০২৭৪৭, ১৭০০২৭৬১, ১৭০০২৭৭৫, ১৭০০২৭৮৯, ১৭০০২৮০৩, ১৭০০২৮১৭, ১৭০০২৮৩১, ১৭০০২৮৪৫, ১৭০০২৮৫৯, ১৭০০২৮৭৩, ১৭০০২৮৮৭, ১৭০০২৯০১, ১৭০০২৯১৫, ১৭০০২৯২৯, ১৭০০২৯৪৩, ১৭০০২৯৫৭, ১৭০০২৯৭১, ১৭০০২৯৮৫, ১৭০০২৯৯৯, ১৭০০৩০১৩, ১৭০০৩০২৭, ১৭০০৩০৪১, ১৭০০৩০৫৫, ১৭০০৩০৬৯, ১৭০০৩০৮৩, ১৭০০৩০৯৭, ১৭০০৩১১১, ১৭০০৩১২৫, ১৭০০৩১৩৯, ১৭০০৩১৫৩, ১৭০১৩১৬৭, ১৭০১৩১৮১, ১৭০১৩১৯৫, ১৭০১৩২০৯, ১৭০১৩২২৩, ১৭০১৩২৩৭, ১৭০১৩২৫১, ১৭০১৩২৬৫, ১৭০১৩২৭৯, ১৭০১৩২৯৩, ১৭০১৩৩০৭, ১৭০১৩৩২১, ১৭০১৩৩৩৫, ১৭০১৩৩৪৯, ১৭০১৩৩৬৩, ১৭০১৩৩৭৭, ১৭০১৩৩৯১, ১৭০১৩৪০৫, ১৭০১৩৪১৯, ১৭০১৩৪৩৩, ১৭০১৩৪৪৭, ১৭০১৩৪৬১, ১৭০১৩৪৭৫, ১৭০১৩৪৮৯, ১৭০১৩৫০৩, ১৭০১৩৫১৭, ১৭০১৩৫৩১, ১৭০১৩৫৪৫, ১৭০১৩৫৫৯, ১৭০১৩৫৭৩, ১৭০১৩৫৮৭, ১৭০১৩৬০১, ১৭০১৩৬১৫, ১৭০১৩৬২৯, ১৭০১৩৬৪৩, ১৭০১৩৬৫৭, ১৭০১৩৬৭১, ১৭০১৩৬৮৫, ১৭০১৩৬৯৯, ১৭০১৩৭১৩, ১৭০১৩৭২৭, ১৭০১৩৭৪১, ১৭০১৩৭৫৫, ১৭০১৩৭৬৯, ১৭০১৩৭৮৩, ১৭০১৩৭৯৭, ১৭০১৩৮১১, ১৭০১৩৮২৫, ১৭০১৩৮৩৯, ১৭০১৩৮৫৩, ১৭০১৩৮৬৭, ১৭০১৩৮৮১, ১৭০১৩৮৯৫, ১৭০১৩৯০৯, ১৭০১৩৯২৩, ১৭০১৩৯৩৭, ১৭০১৩৯৫১, ১৭০১৩৯৬৫, ১৭০১৩৯৭৯, ১৭০১৩৯৯৩, ১৭০১৪০০৭	২৪১
মোট			৩৬২
সচিব
বাংলাদেশ নিরাপদ খাদ্য কর্তৃপক্ষ
